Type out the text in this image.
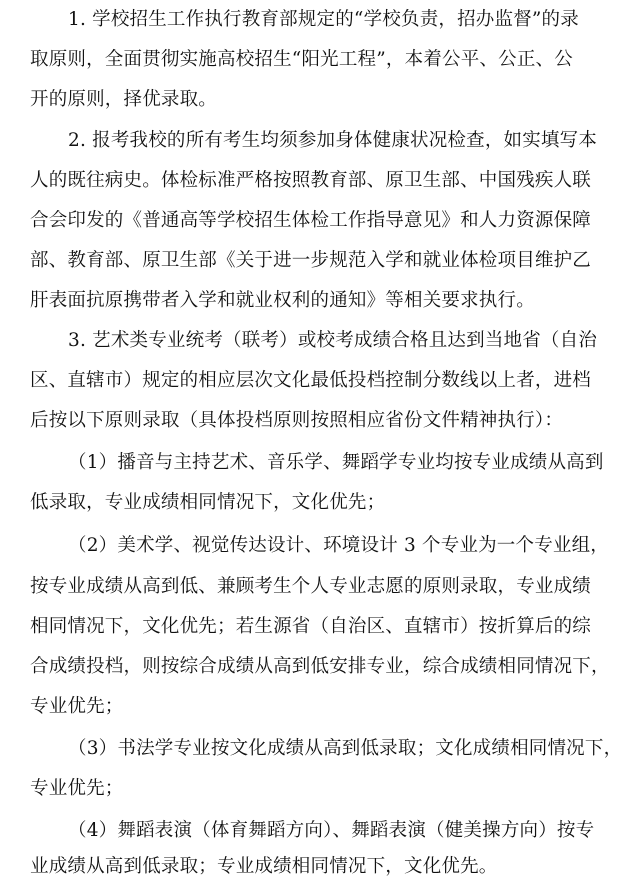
1. 学校招生工作执行教育部规定的“学校负责，招办监督”的录
取原则，全面贯彻实施高校招生“阳光工程”，本着公平、公正、公
开的原则，择优录取。
2. 报考我校的所有考生均须参加身体健康状况检查，如实填写本
人的既往病史。体检标准严格按照教育部、原卫生部、中国残疾人联
合会印发的《普通高等学校招生体检工作指导意见》和人力资源保障
部、教育部、原卫生部《关于进一步规范入学和就业体检项目维护乙
肝表面抗原携带者入学和就业权利的通知》等相关要求执行。
3. 艺术类专业统考（联考）或校考成绩合格且达到当地省（自治
区、直辖市）规定的相应层次文化最低投档控制分数线以上者，进档
后按以下原则录取（具体投档原则按照相应省份文件精神执行）：
（1）播音与主持艺术、音乐学、舞蹈学专业均按专业成绩从高到
低录取，专业成绩相同情况下，文化优先；
（2）美术学、视觉传达设计、环境设计 3 个专业为一个专业组，
按专业成绩从高到低、兼顾考生个人专业志愿的原则录取，专业成绩
相同情况下，文化优先；若生源省（自治区、直辖市）按折算后的综
合成绩投档，则按综合成绩从高到低安排专业，综合成绩相同情况下，
专业优先；
（3）书法学专业按文化成绩从高到低录取；文化成绩相同情况下，
专业优先；
（4）舞蹈表演（体育舞蹈方向）、舞蹈表演（健美操方向）按专
业成绩从高到低录取；专业成绩相同情况下，文化优先。
